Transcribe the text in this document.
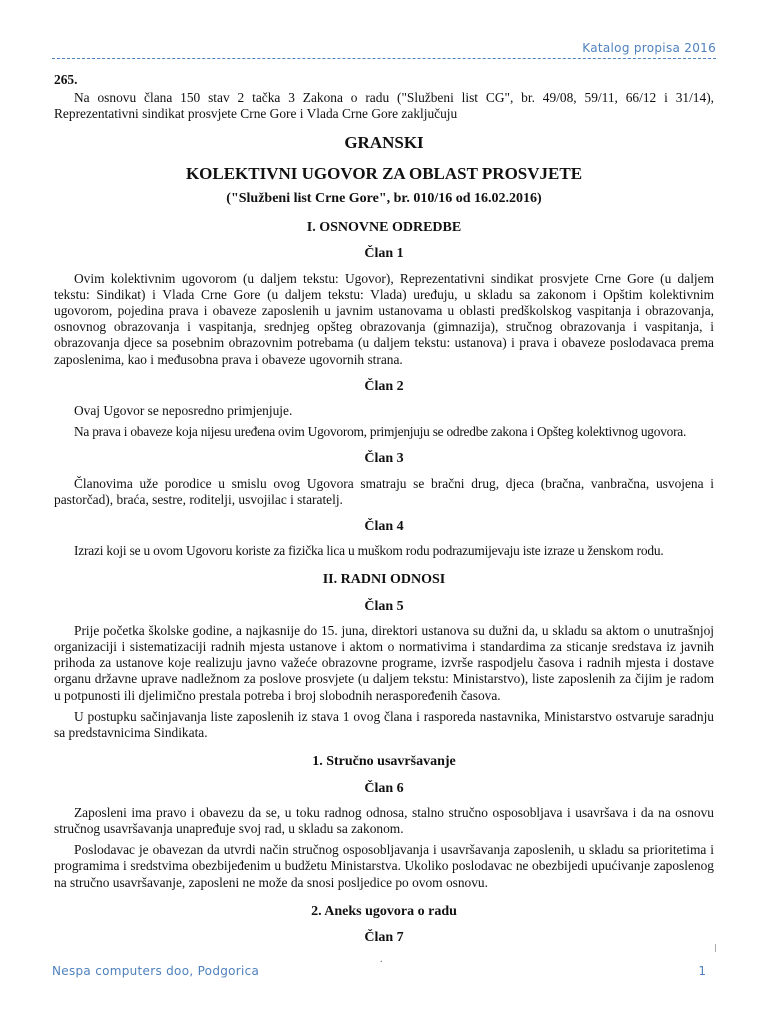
Katalog propisa 2016

265.

Na osnovu člana 150 stav 2 tačka 3 Zakona o radu ("Službeni list CG", br. 49/08, 59/11, 66/12 i 31/14), Reprezentativni sindikat prosvjete Crne Gore i Vlada Crne Gore zaključuju

GRANSKI

KOLEKTIVNI UGOVOR ZA OBLAST PROSVJETE

("Službeni list Crne Gore", br. 010/16 od 16.02.2016)

I. OSNOVNE ODREDBE

Član 1

Ovim kolektivnim ugovorom (u daljem tekstu: Ugovor), Reprezentativni sindikat prosvjete Crne Gore (u daljem tekstu: Sindikat) i Vlada Crne Gore (u daljem tekstu: Vlada) uređuju, u skladu sa zakonom i Opštim kolektivnim ugovorom, pojedina prava i obaveze zaposlenih u javnim ustanovama u oblasti predškolskog vaspitanja i obrazovanja, osnovnog obrazovanja i vaspitanja, srednjeg opšteg obrazovanja (gimnazija), stručnog obrazovanja i vaspitanja, i obrazovanja djece sa posebnim obrazovnim potrebama (u daljem tekstu: ustanova) i prava i obaveze poslodavaca prema zaposlenima, kao i međusobna prava i obaveze ugovornih strana.

Član 2

Ovaj Ugovor se neposredno primjenjuje.

Na prava i obaveze koja nijesu uređena ovim Ugovorom, primjenjuju se odredbe zakona i Opšteg kolektivnog ugovora.

Član 3

Članovima uže porodice u smislu ovog Ugovora smatraju se bračni drug, djeca (bračna, vanbračna, usvojena i pastorčad), braća, sestre, roditelji, usvojilac i staratelj.

Član 4

Izrazi koji se u ovom Ugovoru koriste za fizička lica u muškom rodu podrazumijevaju iste izraze u ženskom rodu.

II. RADNI ODNOSI

Član 5

Prije početka školske godine, a najkasnije do 15. juna, direktori ustanova su dužni da, u skladu sa aktom o unutrašnjoj organizaciji i sistematizaciji radnih mjesta ustanove i aktom o normativima i standardima za sticanje sredstava iz javnih prihoda za ustanove koje realizuju javno važeće obrazovne programe, izvrše raspodjelu časova i radnih mjesta i dostave organu državne uprave nadležnom za poslove prosvjete (u daljem tekstu: Ministarstvo), liste zaposlenih za čijim je radom u potpunosti ili djelimično prestala potreba i broj slobodnih neraspoređenih časova.

U postupku sačinjavanja liste zaposlenih iz stava 1 ovog člana i rasporeda nastavnika, Ministarstvo ostvaruje saradnju sa predstavnicima Sindikata.

1. Stručno usavršavanje

Član 6

Zaposleni ima pravo i obavezu da se, u toku radnog odnosa, stalno stručno osposobljava i usavršava i da na osnovu stručnog usavršavanja unapređuje svoj rad, u skladu sa zakonom.

Poslodavac je obavezan da utvrdi način stručnog osposobljavanja i usavršavanja zaposlenih, u skladu sa prioritetima i programima i sredstvima obezbijeđenim u budžetu Ministarstva. Ukoliko poslodavac ne obezbijedi upućivanje zaposlenog na stručno usavršavanje, zaposleni ne može da snosi posljedice po ovom osnovu.

2. Aneks ugovora o radu

Član 7

.
Nespa computers doo, Podgorica	1
